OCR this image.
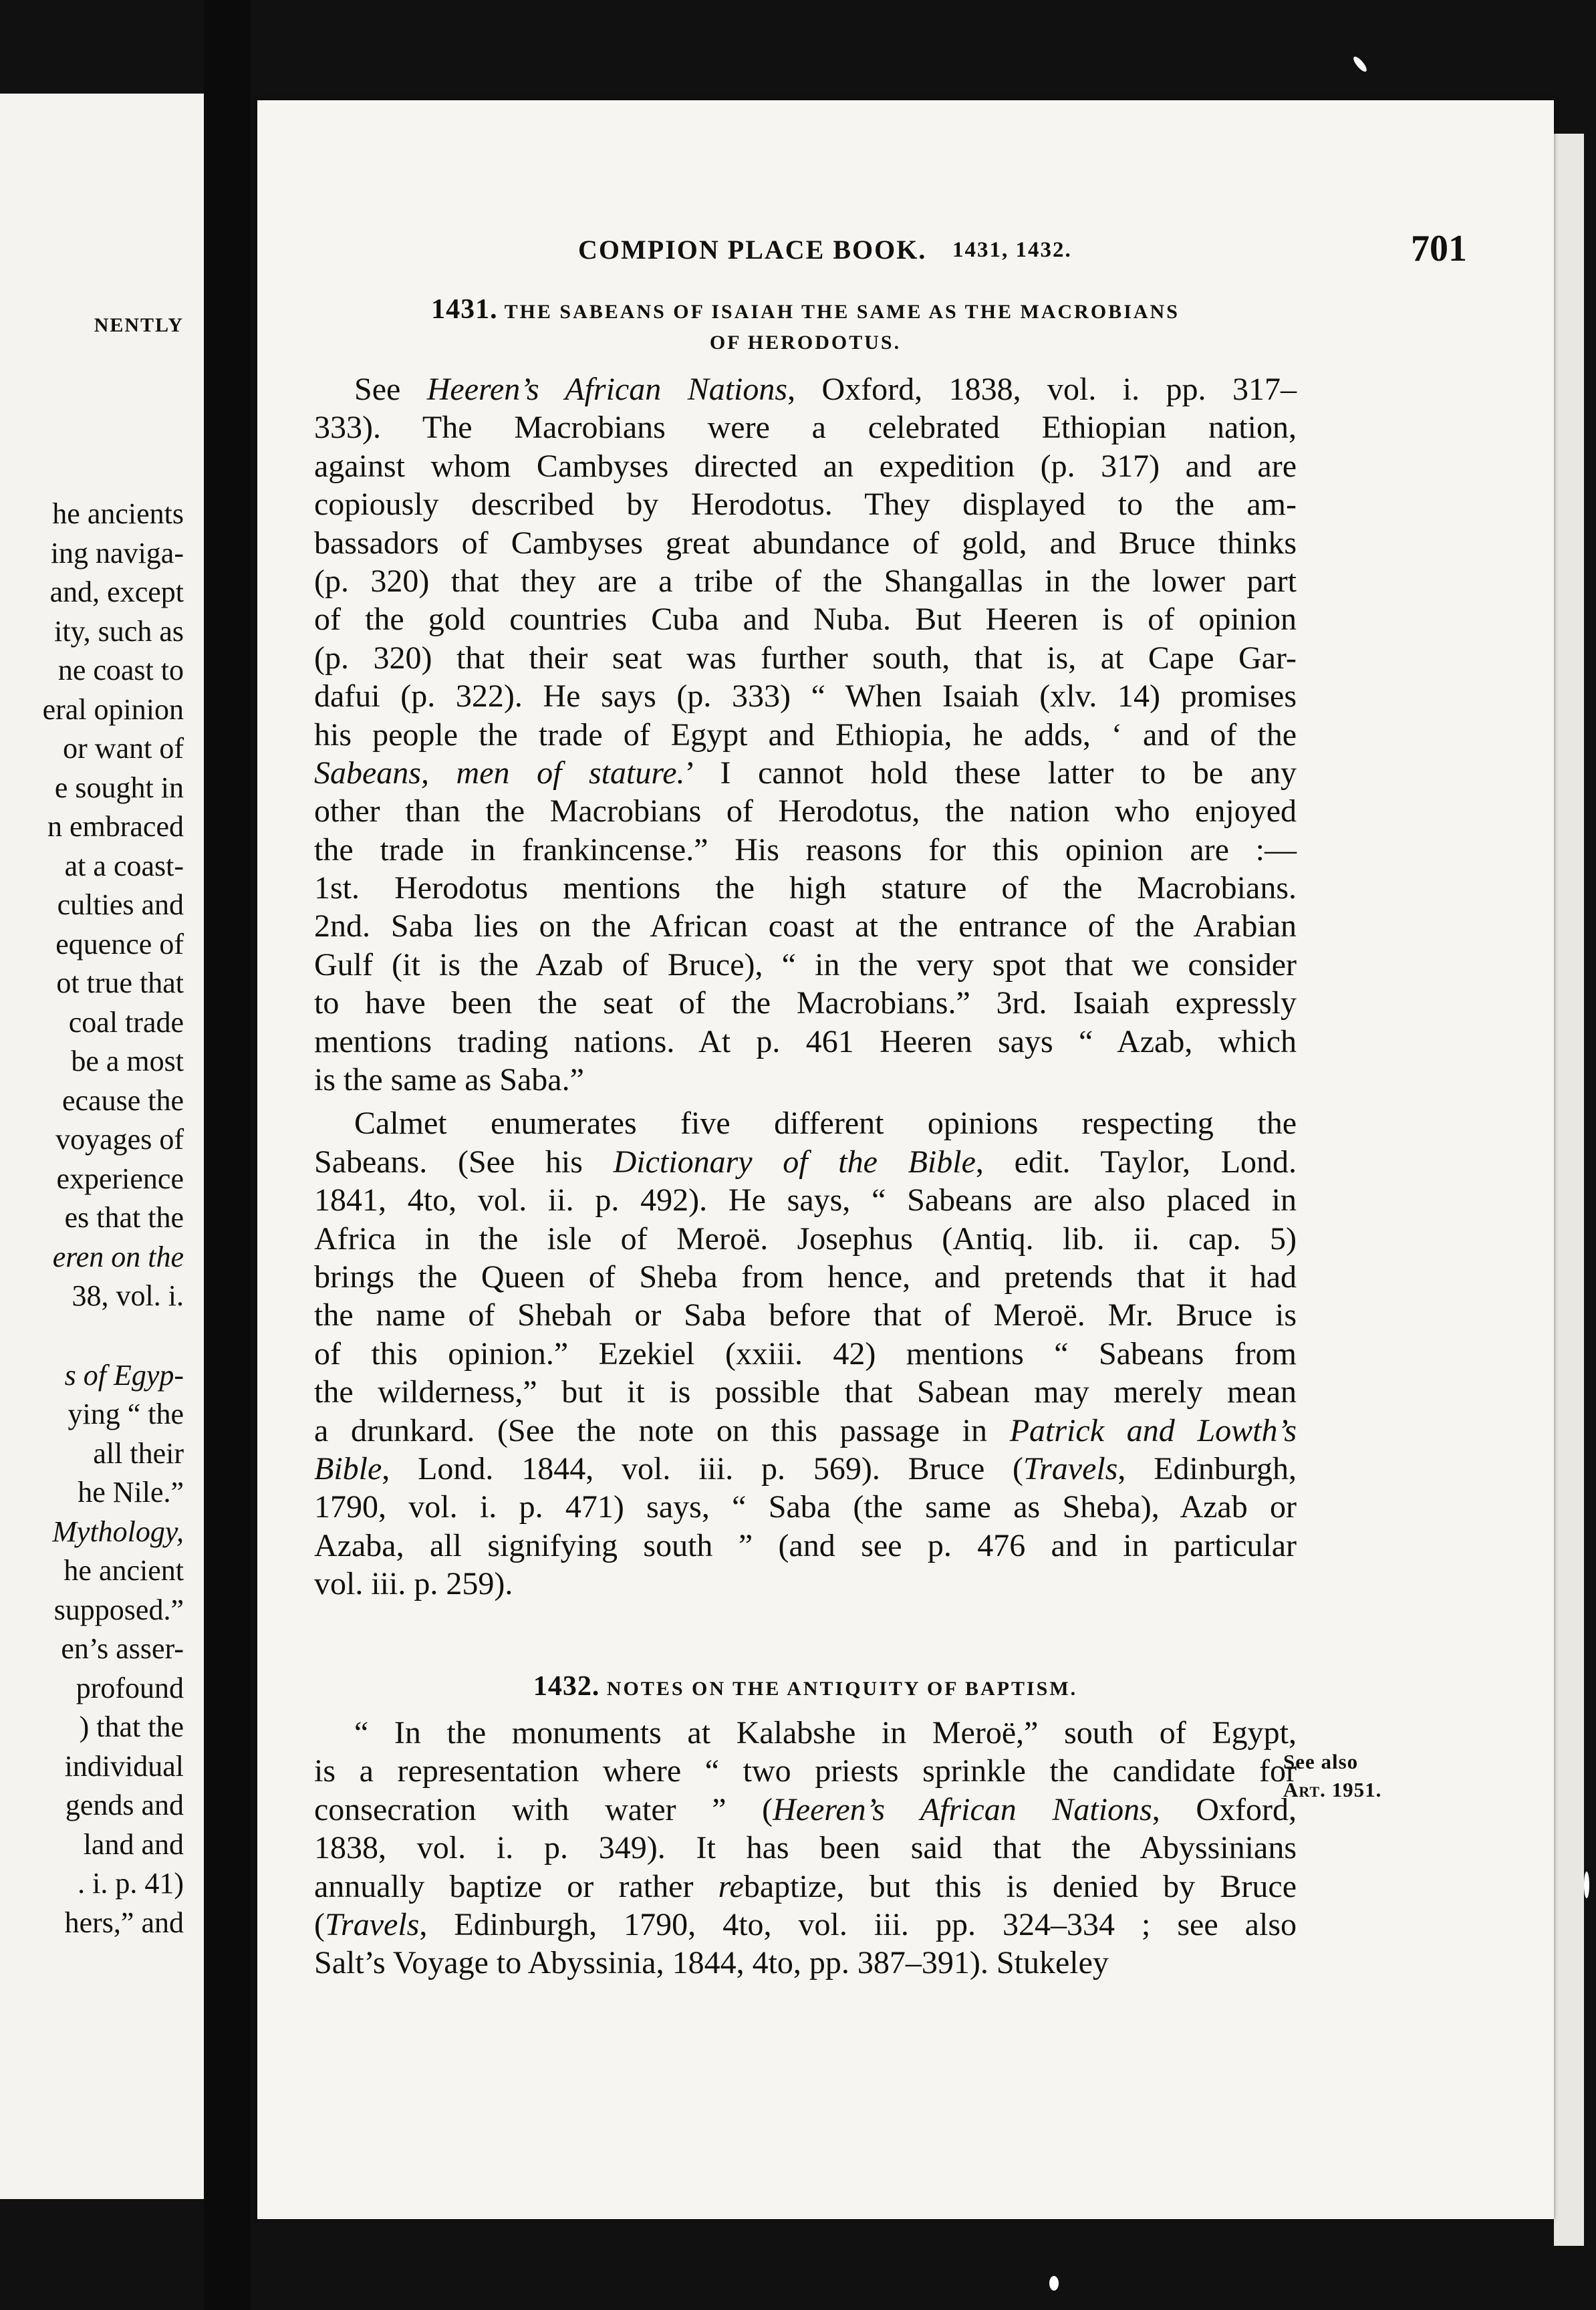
NENTLY
he ancients
ing naviga-
and, except
ity, such as
ne coast to
eral opinion
or want of
e sought in
n embraced
at a coast-
culties and
equence of
ot true that
coal trade
be a most
ecause the
voyages of
experience
es that the
eren on the
38, vol. i.
s of Egyp-
ying “ the
all their
he Nile.”
Mythology,
he ancient
supposed.”
en’s asser-
profound
) that the
individual
gends and
land and
. i. p. 41)
hers,” and
COMPION PLACE BOOK. 1431, 1432.	701
1431. THE SABEANS OF ISAIAH THE SAME AS THE MACROBIANS
OF HERODOTUS.
See Heeren’s African Nations, Oxford, 1838, vol. i. pp. 317–
333). The Macrobians were a celebrated Ethiopian nation,
against whom Cambyses directed an expedition (p. 317) and are
copiously described by Herodotus. They displayed to the am-
bassadors of Cambyses great abundance of gold, and Bruce thinks
(p. 320) that they are a tribe of the Shangallas in the lower part
of the gold countries Cuba and Nuba. But Heeren is of opinion
(p. 320) that their seat was further south, that is, at Cape Gar-
dafui (p. 322). He says (p. 333) “ When Isaiah (xlv. 14) promises
his people the trade of Egypt and Ethiopia, he adds, ‘ and of the
Sabeans, men of stature.’ I cannot hold these latter to be any
other than the Macrobians of Herodotus, the nation who enjoyed
the trade in frankincense.” His reasons for this opinion are :—
1st. Herodotus mentions the high stature of the Macrobians.
2nd. Saba lies on the African coast at the entrance of the Arabian
Gulf (it is the Azab of Bruce), “ in the very spot that we consider
to have been the seat of the Macrobians.” 3rd. Isaiah expressly
mentions trading nations. At p. 461 Heeren says “ Azab, which
is the same as Saba.”
Calmet enumerates five different opinions respecting the
Sabeans. (See his Dictionary of the Bible, edit. Taylor, Lond.
1841, 4to, vol. ii. p. 492). He says, “ Sabeans are also placed in
Africa in the isle of Meroë. Josephus (Antiq. lib. ii. cap. 5)
brings the Queen of Sheba from hence, and pretends that it had
the name of Shebah or Saba before that of Meroë. Mr. Bruce is
of this opinion.” Ezekiel (xxiii. 42) mentions “ Sabeans from
the wilderness,” but it is possible that Sabean may merely mean
a drunkard. (See the note on this passage in Patrick and Lowth’s
Bible, Lond. 1844, vol. iii. p. 569). Bruce (Travels, Edinburgh,
1790, vol. i. p. 471) says, “ Saba (the same as Sheba), Azab or
Azaba, all signifying south ” (and see p. 476 and in particular
vol. iii. p. 259).
1432. NOTES ON THE ANTIQUITY OF BAPTISM.
“ In the monuments at Kalabshe in Meroë,” south of Egypt,
is a representation where “ two priests sprinkle the candidate for
consecration with water ” (Heeren’s African Nations, Oxford,
1838, vol. i. p. 349). It has been said that the Abyssinians
annually baptize or rather rebaptize, but this is denied by Bruce
(Travels, Edinburgh, 1790, 4to, vol. iii. pp. 324–334 ; see also
Salt’s Voyage to Abyssinia, 1844, 4to, pp. 387–391). Stukeley
See also
Art. 1951.
